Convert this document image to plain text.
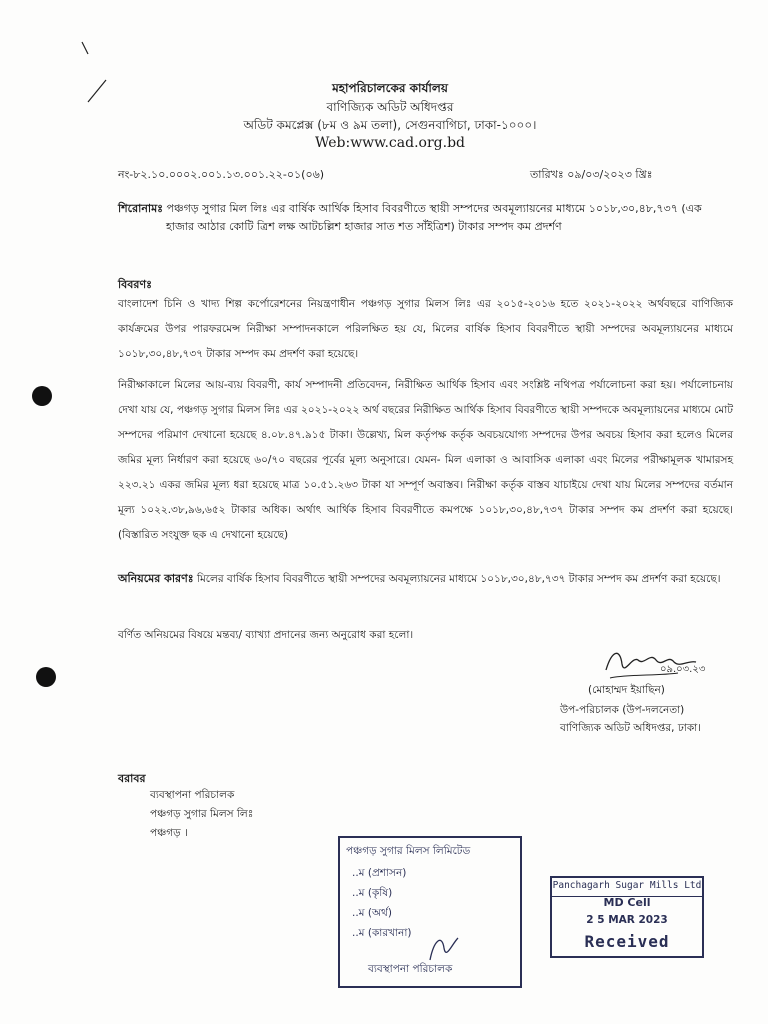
মহাপরিচালকের কার্যালয়
বাণিজ্যিক অডিট অধিদপ্তর
অডিট কমপ্লেক্স (৮ম ও ৯ম তলা), সেগুনবাগিচা, ঢাকা-১০০০।
Web:www.cad.org.bd
নং-৮২.১০.০০০২.০০১.১৩.০০১.২২-০১(০৬)	তারিখঃ ০৯/০৩/২০২৩ খ্রিঃ
শিরোনামঃ পঞ্চগড় সুগার মিল লিঃ এর বার্ষিক আর্থিক হিসাব বিবরণীতে স্থায়ী সম্পদের অবমূল্যায়নের মাধ্যমে ১০১৮,৩০,৪৮,৭৩৭ (এক
হাজার আঠার কোটি ত্রিশ লক্ষ আটচল্লিশ হাজার সাত শত সাঁইত্রিশ) টাকার সম্পদ কম প্রদর্শণ
বিবরণঃ
বাংলাদেশ চিনি ও খাদ্য শিল্প কর্পোরেশনের নিয়ন্ত্রণাধীন পঞ্চগড় সুগার মিলস লিঃ এর ২০১৫-২০১৬ হতে ২০২১-২০২২ অর্থবছরে বাণিজ্যিক কার্যক্রমের উপর পারফরমেন্স নিরীক্ষা সম্পাদনকালে পরিলক্ষিত হয় যে, মিলের বার্ষিক হিসাব বিবরণীতে স্থায়ী সম্পদের অবমূল্যায়নের মাধ্যমে ১০১৮,৩০,৪৮,৭৩৭ টাকার সম্পদ কম প্রদর্শণ করা হয়েছে।
নিরীক্ষাকালে মিলের আয়-ব্যয় বিবরণী, কার্য সম্পাদনী প্রতিবেদন, নিরীক্ষিত আর্থিক হিসাব এবং সংশ্লিষ্ট নথিপত্র পর্যালোচনা করা হয়। পর্যালোচনায় দেখা যায় যে, পঞ্চগড় সুগার মিলস লিঃ এর ২০২১-২০২২ অর্থ বছরের নিরীক্ষিত আর্থিক হিসাব বিবরণীতে স্থায়ী সম্পদকে অবমূল্যায়নের মাধ্যমে মোট সম্পদের পরিমাণ দেখানো হয়েছে ৪.০৮.৪৭.৯১৫ টাকা। উল্লেখ্য, মিল কর্তৃপক্ষ কর্তৃক অবচয়যোগ্য সম্পদের উপর অবচয় হিসাব করা হলেও মিলের জমির মূল্য নির্ধারণ করা হয়েছে ৬০/৭০ বছরের পূর্বের মূল্য অনুসারে। যেমন- মিল এলাকা ও আবাসিক এলাকা এবং মিলের পরীক্ষামূলক খামারসহ ২২৩.২১ একর জমির মূল্য ধরা হয়েছে মাত্র ১০.৫১.২৬৩ টাকা যা সম্পূর্ণ অবাস্তব। নিরীক্ষা কর্তৃক বাস্তব যাচাইয়ে দেখা যায় মিলের সম্পদের বর্তমান মূল্য ১০২২.৩৮,৯৬,৬৫২ টাকার অধিক। অর্থাৎ আর্থিক হিসাব বিবরণীতে কমপক্ষে ১০১৮,৩০,৪৮,৭৩৭ টাকার সম্পদ কম প্রদর্শণ করা হয়েছে। (বিস্তারিত সংযুক্ত ছক এ দেখানো হয়েছে)
অনিয়মের কারণঃ মিলের বার্ষিক হিসাব বিবরণীতে স্থায়ী সম্পদের অবমূল্যায়নের মাধ্যমে ১০১৮,৩০,৪৮,৭৩৭ টাকার সম্পদ কম প্রদর্শণ করা হয়েছে।
বর্ণিত অনিয়মের বিষয়ে মন্তব্য/ ব্যাখ্যা প্রদানের জন্য অনুরোধ করা হলো।
০৯.০৩.২৩
(মোহাম্মদ ইয়াছিন)
উপ-পরিচালক (উপ-দলনেতা)
বাণিজ্যিক অডিট অধিদপ্তর, ঢাকা।
বরাবর
ব্যবস্থাপনা পরিচালক
পঞ্চগড় সুগার মিলস লিঃ
পঞ্চগড় ।
পঞ্চগড় সুগার মিলস লিমিটেড
..ম (প্রশাসন)
..ম (কৃষি)
..ম (অর্থ)
..ম (কারখানা)
ব্যবস্থাপনা পরিচালক
Panchagarh Sugar Mills Ltd
MD Cell
2 5 MAR 2023
Received
